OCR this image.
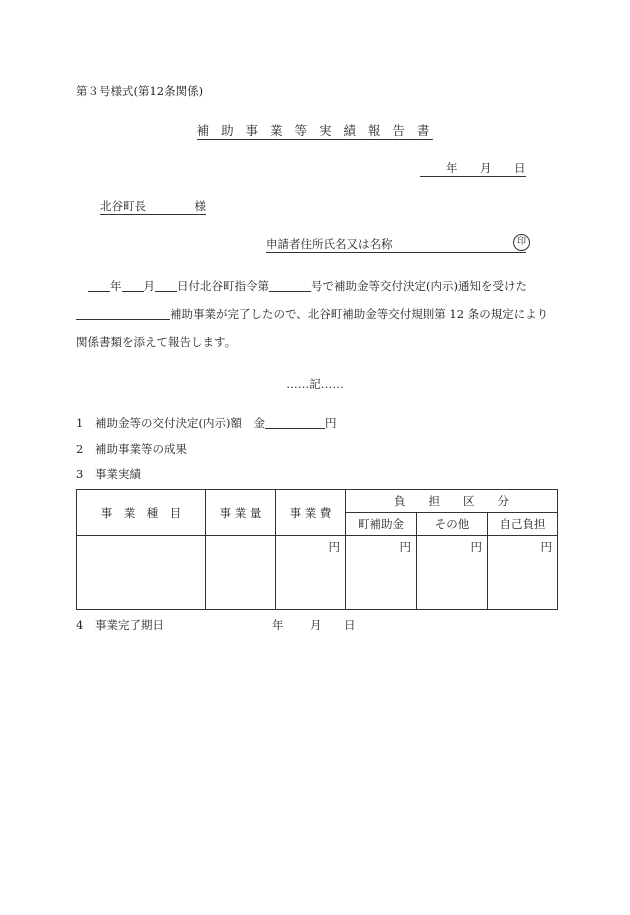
第３号様式(第12条関係)
補 助 事 業 等 実 績 報 告 書
年 月 日
北谷町長	様
申請者住所氏名又は名称	印
年 月 日付北谷町指令第	号で補助金等交付決定(内示)通知を受けた
補助事業が完了したので、北谷町補助金等交付規則第 12 条の規定により
関係書類を添えて報告します。
……記……
1 補助金等の交付決定(内示)額　金	円
2 補助事業等の成果
3 事業実績
事　業　種　目	事 業 量	事 業 費	負　　担　　区　　分		
			町補助金	その他	自己負担
		円	円	円	円
4 事業完了期日	年 月 日
